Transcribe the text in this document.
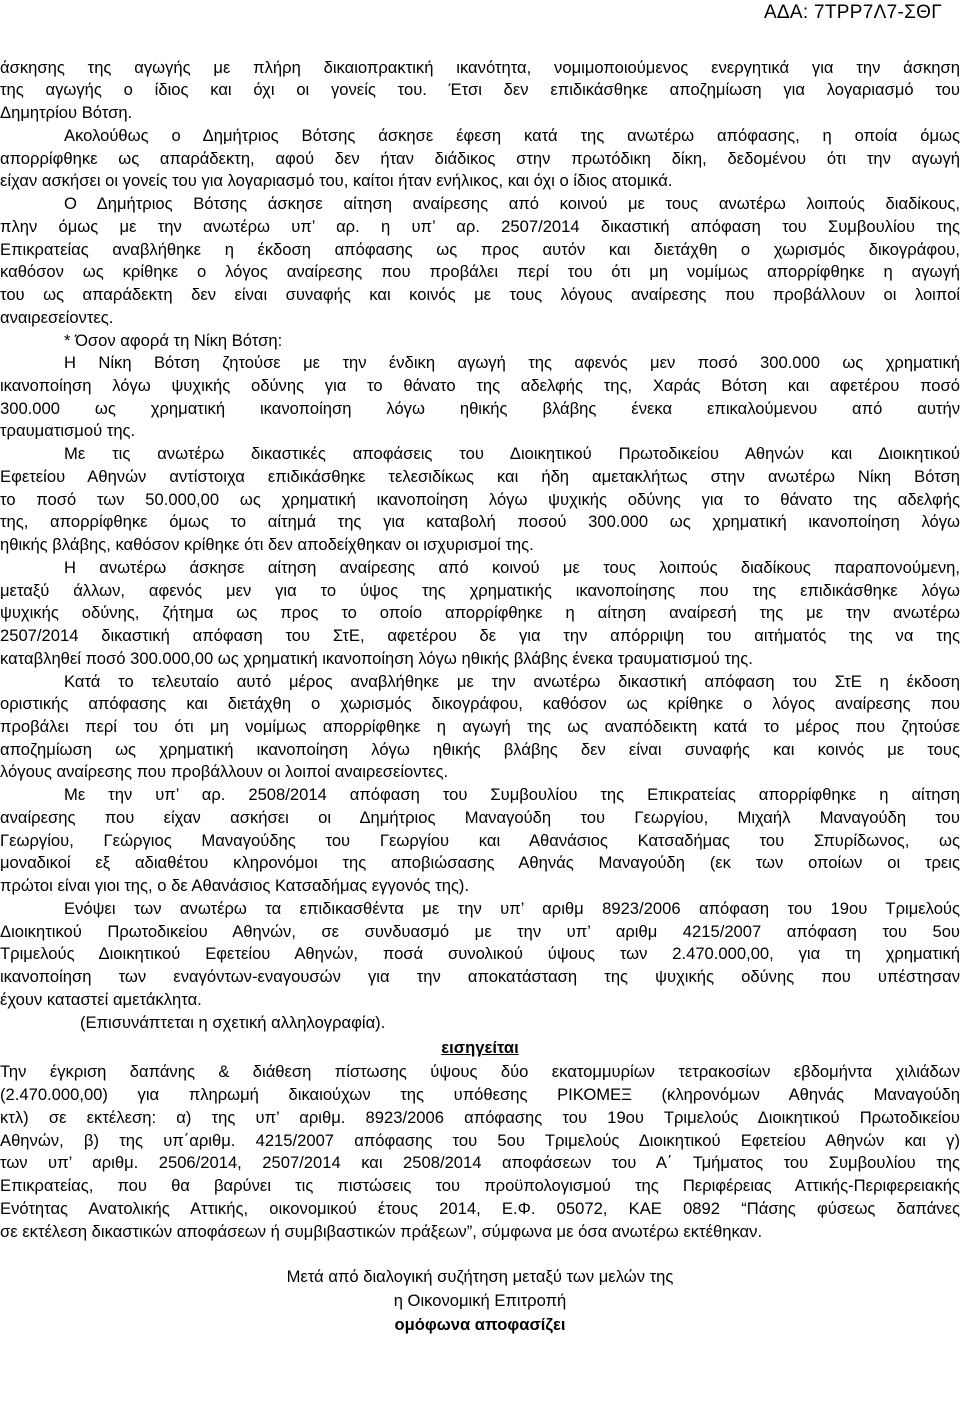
ΑΔΑ: 7ΤΡΡ7Λ7-ΣΘΓ
άσκησης της αγωγής με πλήρη δικαιοπρακτική ικανότητα, νομιμοποιούμενος ενεργητικά για την άσκηση
της αγωγής ο ίδιος και όχι οι γονείς του. Έτσι δεν επιδικάσθηκε αποζημίωση για λογαριασμό του
Δημητρίου Βότση.
Ακολούθως ο Δημήτριος Βότσης άσκησε έφεση κατά της ανωτέρω απόφασης, η οποία όμως
απορρίφθηκε ως απαράδεκτη, αφού δεν ήταν διάδικος στην πρωτόδικη δίκη, δεδομένου ότι την αγωγή
είχαν ασκήσει οι γονείς του για λογαριασμό του, καίτοι ήταν ενήλικος, και όχι ο ίδιος ατομικά.
Ο Δημήτριος Βότσης άσκησε αίτηση αναίρεσης από κοινού με τους ανωτέρω λοιπούς διαδίκους,
πλην όμως με την ανωτέρω υπ’ αρ. η υπ’ αρ. 2507/2014 δικαστική απόφαση του Συμβουλίου της
Επικρατείας αναβλήθηκε η έκδοση απόφασης ως προς αυτόν και διετάχθη ο χωρισμός δικογράφου,
καθόσον ως κρίθηκε ο λόγος αναίρεσης που προβάλει περί του ότι μη νομίμως απορρίφθηκε η αγωγή
του ως απαράδεκτη δεν είναι συναφής και κοινός με τους λόγους αναίρεσης που προβάλλουν οι λοιποί
αναιρεσείοντες.
* Όσον αφορά τη Νίκη Βότση:
Η Νίκη Βότση ζητούσε με την ένδικη αγωγή της αφενός μεν ποσό 300.000 ως χρηματική
ικανοποίηση λόγω ψυχικής οδύνης για το θάνατο της αδελφής της, Χαράς Βότση και αφετέρου ποσό
300.000 ως χρηματική ικανοποίηση λόγω ηθικής βλάβης ένεκα επικαλούμενου από αυτήν
τραυματισμού της.
Με τις ανωτέρω δικαστικές αποφάσεις του Διοικητικού Πρωτοδικείου Αθηνών και Διοικητικού
Εφετείου Αθηνών αντίστοιχα επιδικάσθηκε τελεσιδίκως και ήδη αμετακλήτως στην ανωτέρω Νίκη Βότση
το ποσό των 50.000,00 ως χρηματική ικανοποίηση λόγω ψυχικής οδύνης για το θάνατο της αδελφής
της, απορρίφθηκε όμως το αίτημά της για καταβολή ποσού 300.000 ως χρηματική ικανοποίηση λόγω
ηθικής βλάβης, καθόσον κρίθηκε ότι δεν αποδείχθηκαν οι ισχυρισμοί της.
Η ανωτέρω άσκησε αίτηση αναίρεσης από κοινού με τους λοιπούς διαδίκους παραπονούμενη,
μεταξύ άλλων, αφενός μεν για το ύψος της χρηματικής ικανοποίησης που της επιδικάσθηκε λόγω
ψυχικής οδύνης, ζήτημα ως προς το οποίο απορρίφθηκε η αίτηση αναίρεσή της με την ανωτέρω
2507/2014 δικαστική απόφαση του ΣτΕ, αφετέρου δε για την απόρριψη του αιτήματός της να της
καταβληθεί ποσό 300.000,00 ως χρηματική ικανοποίηση λόγω ηθικής βλάβης ένεκα τραυματισμού της.
Κατά το τελευταίο αυτό μέρος αναβλήθηκε με την ανωτέρω δικαστική απόφαση του ΣτΕ η έκδοση
οριστικής απόφασης και διετάχθη ο χωρισμός δικογράφου, καθόσον ως κρίθηκε ο λόγος αναίρεσης που
προβάλει περί του ότι μη νομίμως απορρίφθηκε η αγωγή της ως αναπόδεικτη κατά το μέρος που ζητούσε
αποζημίωση ως χρηματική ικανοποίηση λόγω ηθικής βλάβης δεν είναι συναφής και κοινός με τους
λόγους αναίρεσης που προβάλλουν οι λοιποί αναιρεσείοντες.
Με την υπ’ αρ. 2508/2014 απόφαση του Συμβουλίου της Επικρατείας απορρίφθηκε η αίτηση
αναίρεσης που είχαν ασκήσει οι Δημήτριος Μαναγούδη του Γεωργίου, Μιχαήλ Μαναγούδη του
Γεωργίου, Γεώργιος Μαναγούδης του Γεωργίου και Αθανάσιος Κατσαδήμας του Σπυρίδωνος, ως
μοναδικοί εξ αδιαθέτου κληρονόμοι της αποβιώσασης Αθηνάς Μαναγούδη (εκ των οποίων οι τρεις
πρώτοι είναι γιοι της, ο δε Αθανάσιος Κατσαδήμας εγγονός της).
Ενόψει των ανωτέρω τα επιδικασθέντα με την υπ’ αριθμ 8923/2006 απόφαση του 19ου Τριμελούς
Διοικητικού Πρωτοδικείου Αθηνών, σε συνδυασμό με την υπ’ αριθμ 4215/2007 απόφαση του 5ου
Τριμελούς Διοικητικού Εφετείου Αθηνών, ποσά συνολικού ύψους των 2.470.000,00, για τη χρηματική
ικανοποίηση των εναγόντων-εναγουσών για την αποκατάσταση της ψυχικής οδύνης που υπέστησαν
έχουν καταστεί αμετάκλητα.
(Επισυνάπτεται η σχετική αλληλογραφία).
εισηγείται
Την έγκριση δαπάνης & διάθεση πίστωσης ύψους δύο εκατομμυρίων τετρακοσίων εβδομήντα χιλιάδων
(2.470.000,00) για πληρωμή δικαιούχων της υπόθεσης ΡΙΚΟΜΕΞ (κληρονόμων Αθηνάς Μαναγούδη
κτλ) σε εκτέλεση: α) της υπ’ αριθμ. 8923/2006 απόφασης του 19ου Τριμελούς Διοικητικού Πρωτοδικείου
Αθηνών, β) της υπ΄αριθμ. 4215/2007 απόφασης του 5ου Τριμελούς Διοικητικού Εφετείου Αθηνών και γ)
των υπ’ αριθμ. 2506/2014, 2507/2014 και 2508/2014 αποφάσεων του Α΄ Τμήματος του Συμβουλίου της
Επικρατείας, που θα βαρύνει τις πιστώσεις του προϋπολογισμού της Περιφέρειας Αττικής-Περιφερειακής
Ενότητας Ανατολικής Αττικής, οικονομικού έτους 2014, Ε.Φ. 05072, ΚΑΕ 0892 “Πάσης φύσεως δαπάνες
σε εκτέλεση δικαστικών αποφάσεων ή συμβιβαστικών πράξεων”, σύμφωνα με όσα ανωτέρω εκτέθηκαν.
Μετά από διαλογική συζήτηση μεταξύ των μελών της
η Οικονομική Επιτροπή
ομόφωνα αποφασίζει
